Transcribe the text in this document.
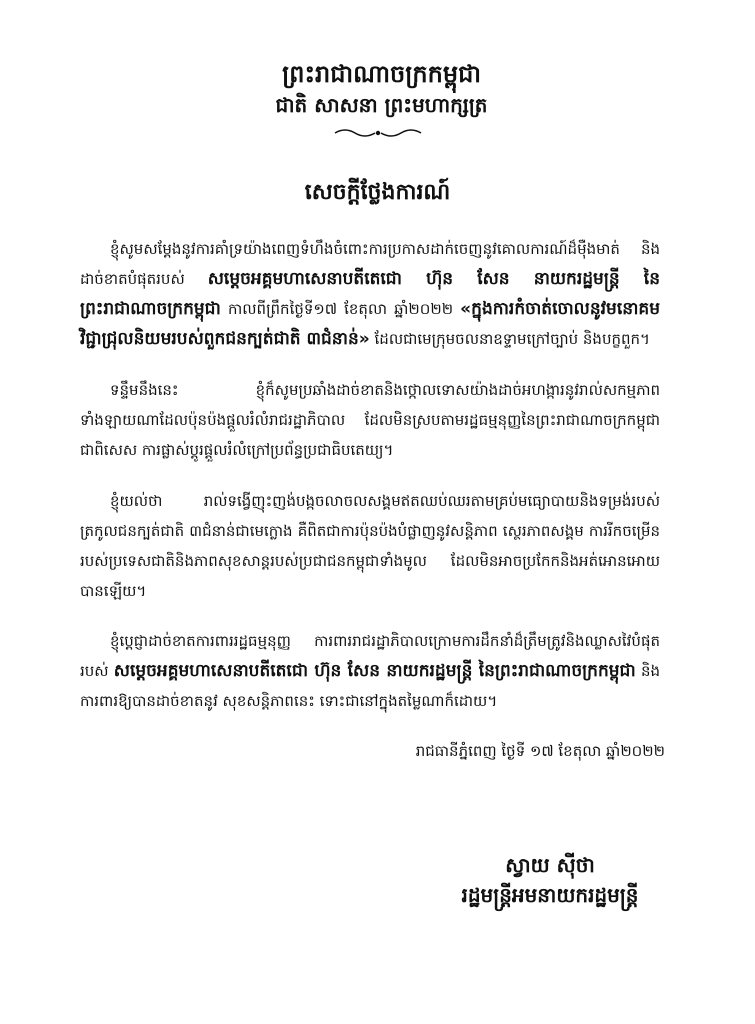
ព្រះរាជាណាចក្រកម្ពុជា
ជាតិ សាសនា ព្រះមហាក្សត្រ
សេចក្តីថ្លែងការណ៍
ខ្ញុំសូមសម្តែងនូវការគាំទ្រយ៉ាងពេញទំហឹងចំពោះការប្រកាសដាក់ចេញនូវគោលការណ៍ដ៏ម៉ឺងមាត់ និងដាច់ខាតបំផុតរបស់ សម្តេចអគ្គមហាសេនាបតីតេជោ ហ៊ុន សែន នាយករដ្ឋមន្រ្តី នៃព្រះរាជាណាចក្រកម្ពុជា កាលពីព្រឹកថ្ងៃទី១៧ ខែតុលា ឆ្នាំ២០២២ «ក្នុងការកំចាត់ចោលនូវមនោគមវិជ្ជាជ្រុលនិយមរបស់ពួកជនក្បត់ជាតិ ៣ជំនាន់» ដែលជាមេក្រុមចលនាឧទ្ទាមក្រៅច្បាប់ និងបក្ខពួក។
ទន្ទឹមនឹងនេះ ខ្ញុំក៏សូមប្រឆាំងដាច់ខាតនិងថ្កោលទោសយ៉ាងដាច់អហង្ការនូវរាល់សកម្មភាពទាំងឡាយណាដែលប៉ុនប៉ងផ្តួលរំលំរាជរដ្ឋាភិបាល ដែលមិនស្របតាមរដ្ឋធម្មនុញ្ញនៃព្រះរាជាណាចក្រកម្ពុជា ជាពិសេស ការផ្លាស់ប្តូរផ្តួលរំលំក្រៅប្រព័ន្ធប្រជាធិបតេយ្យ។
ខ្ញុំយល់ថា រាល់ទង្វើញុះញង់បង្កចលាចលសង្គមឥតឈប់ឈរតាមគ្រប់មធ្យោបាយនិងទម្រង់របស់ត្រកូលជនក្បត់ជាតិ ៣ជំនាន់ជាមេក្លោង គឺពិតជាការប៉ុនប៉ងបំផ្លាញនូវសន្តិភាព ស្ថេរភាពសង្គម ការរីកចម្រើនរបស់ប្រទេសជាតិនិងភាពសុខសាន្តរបស់ប្រជាជនកម្ពុជាទាំងមូល ដែលមិនអាចប្រកែកនិងអត់អោនអោយបានឡើយ។
ខ្ញុំប្តេជ្ញាដាច់ខាតការពាររដ្ឋធម្មនុញ្ញ ការពាររាជរដ្ឋាភិបាលក្រោមការដឹកនាំដ៏ត្រឹមត្រូវនិងឈ្លាសវៃបំផុតរបស់ សម្តេចអគ្គមហាសេនាបតីតេជោ ហ៊ុន សែន នាយករដ្ឋមន្ត្រី នៃព្រះរាជាណាចក្រកម្ពុជា និងការពារឱ្យបានដាច់ខាតនូវ សុខសន្តិភាពនេះ ទោះជានៅក្នុងតម្លៃណាក៏ដោយ។
រាជធានីភ្នំពេញ ថ្ងៃទី ១៧ ខែតុលា ឆ្នាំ២០២២
ស្វាយ ស៊ីថា
រដ្ឋមន្ត្រីអមនាយករដ្ឋមន្ត្រី
